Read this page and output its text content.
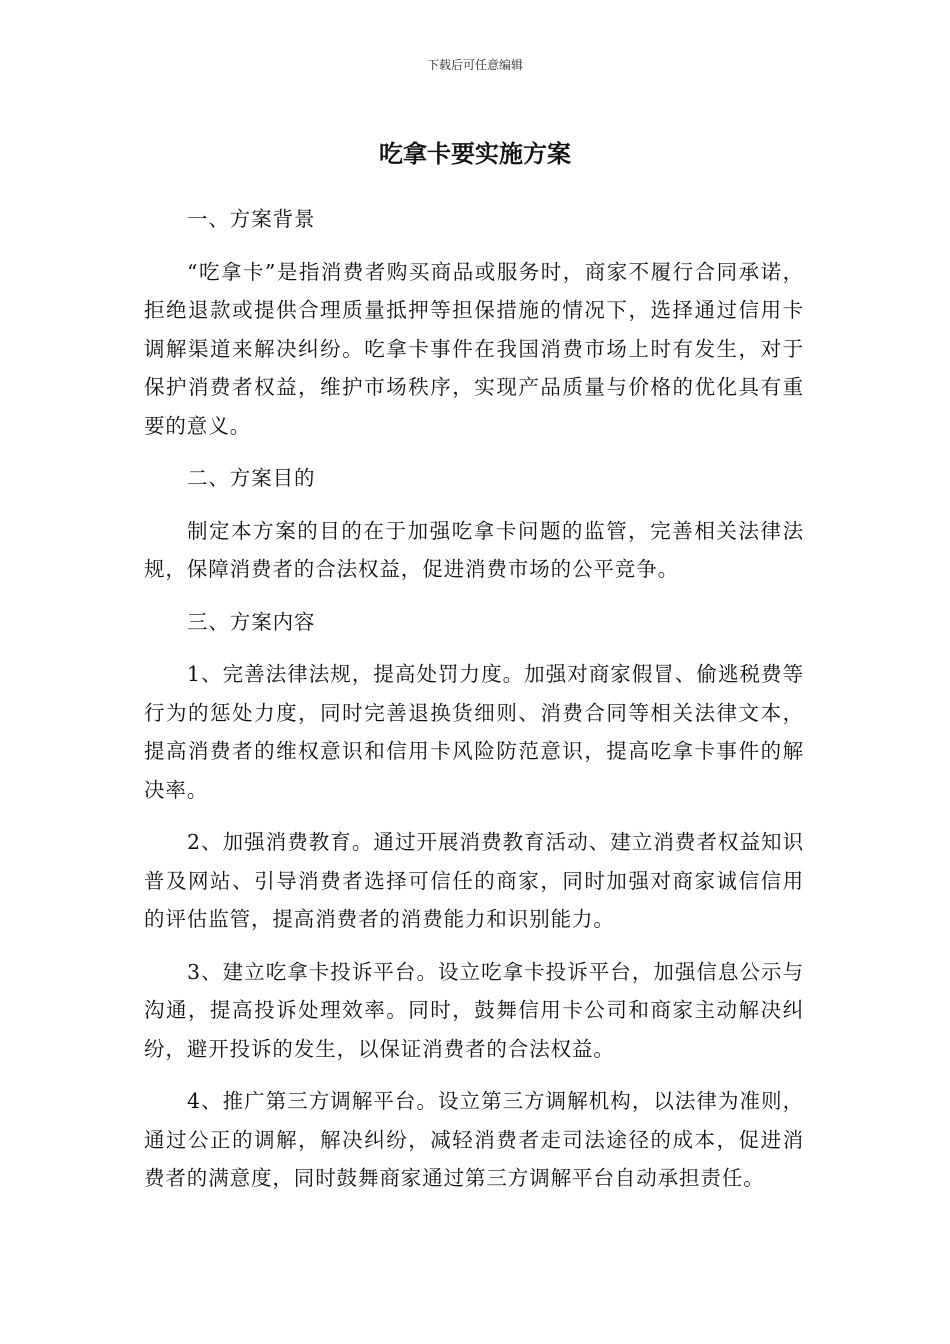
下载后可任意编辑
吃拿卡要实施方案
一、方案背景

“吃拿卡”是指消费者购买商品或服务时，商家不履行合同承诺，拒绝退款或提供合理质量抵押等担保措施的情况下，选择通过信用卡调解渠道来解决纠纷。吃拿卡事件在我国消费市场上时有发生，对于保护消费者权益，维护市场秩序，实现产品质量与价格的优化具有重要的意义。

二、方案目的

制定本方案的目的在于加强吃拿卡问题的监管，完善相关法律法规，保障消费者的合法权益，促进消费市场的公平竞争。

三、方案内容

1、完善法律法规，提高处罚力度。加强对商家假冒、偷逃税费等行为的惩处力度，同时完善退换货细则、消费合同等相关法律文本，提高消费者的维权意识和信用卡风险防范意识，提高吃拿卡事件的解决率。

2、加强消费教育。通过开展消费教育活动、建立消费者权益知识普及网站、引导消费者选择可信任的商家，同时加强对商家诚信信用的评估监管，提高消费者的消费能力和识别能力。

3、建立吃拿卡投诉平台。设立吃拿卡投诉平台，加强信息公示与沟通，提高投诉处理效率。同时，鼓舞信用卡公司和商家主动解决纠纷，避开投诉的发生，以保证消费者的合法权益。

4、推广第三方调解平台。设立第三方调解机构，以法律为准则，通过公正的调解，解决纠纷，减轻消费者走司法途径的成本，促进消费者的满意度，同时鼓舞商家通过第三方调解平台自动承担责任。
